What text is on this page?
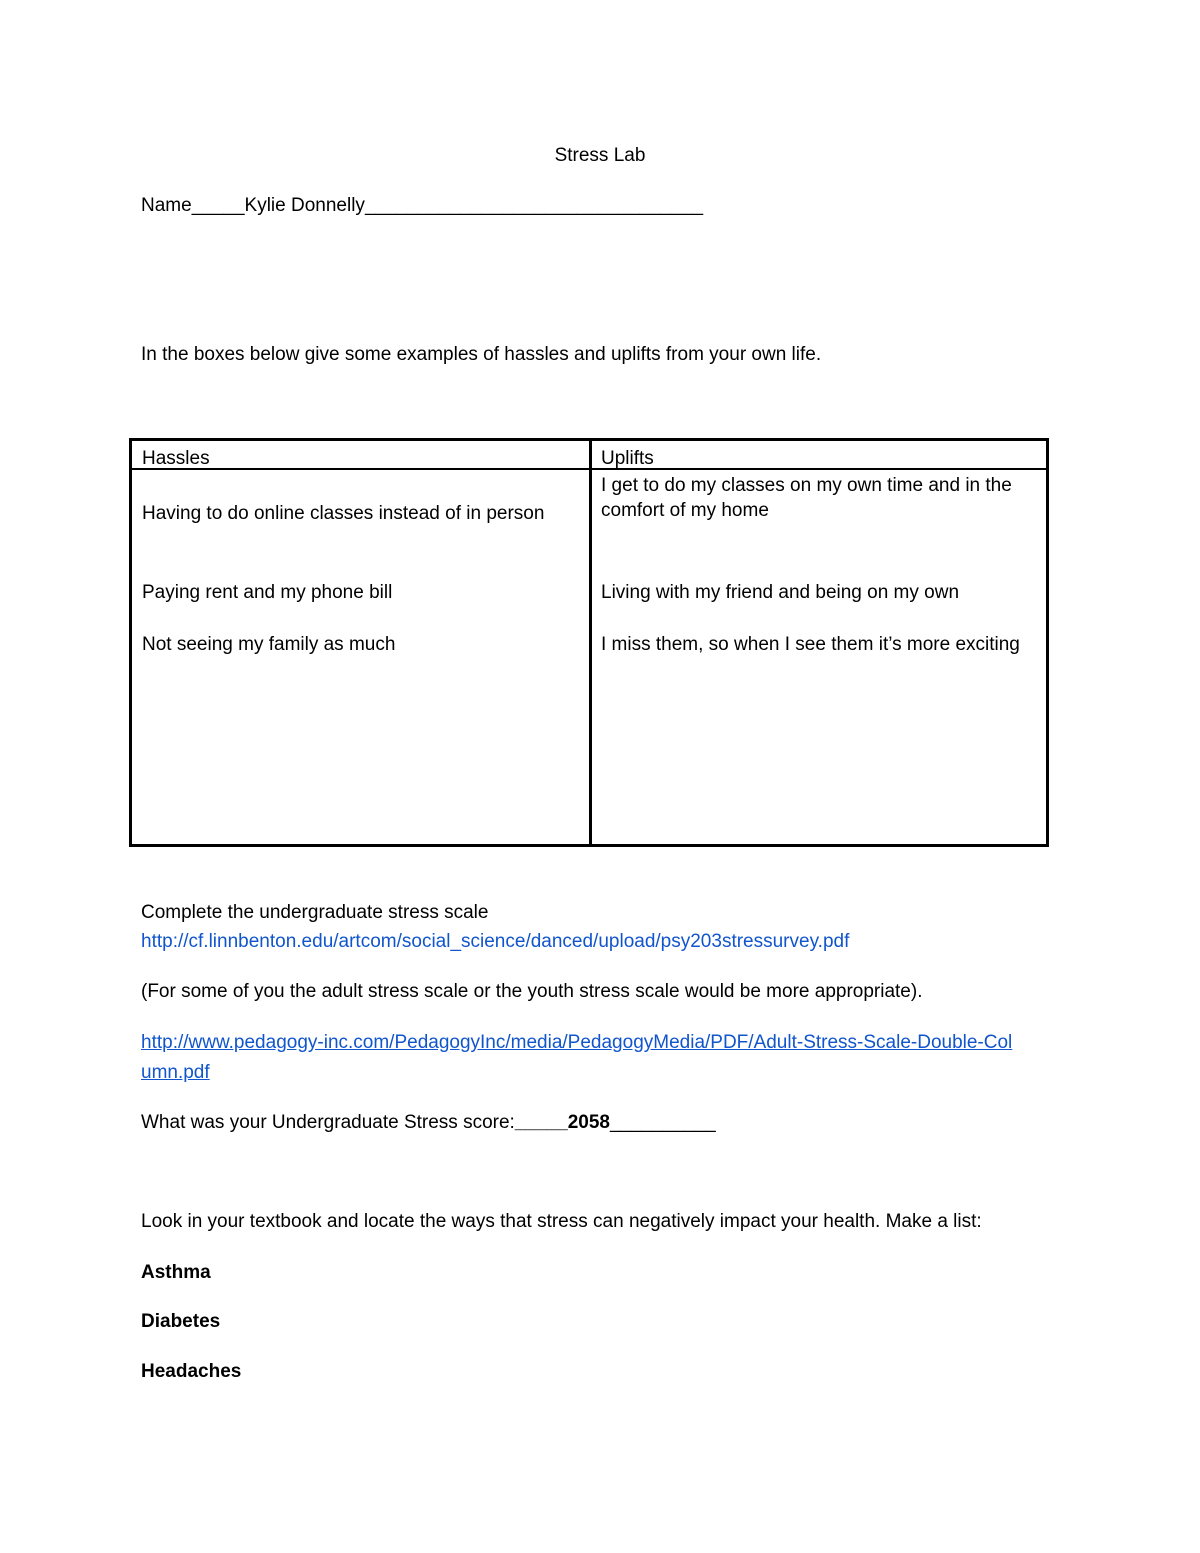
Stress Lab
Name_____Kylie Donnelly________________________________
In the boxes below give some examples of hassles and uplifts from your own life.
Hassles	Uplifts
Having to do online classes instead of in person
Paying rent and my phone bill
Not seeing my family as much
I get to do my classes on my own time and in the comfort of my home
Living with my friend and being on my own
I miss them, so when I see them it’s more exciting
Complete the undergraduate stress scale
http://cf.linnbenton.edu/artcom/social_science/danced/upload/psy203stressurvey.pdf
(For some of you the adult stress scale or the youth stress scale would be more appropriate).
http://www.pedagogy-inc.com/PedagogyInc/media/PedagogyMedia/PDF/Adult-Stress-Scale-Double-Col
umn.pdf
What was your Undergraduate Stress score:_____2058__________
Look in your textbook and locate the ways that stress can negatively impact your health. Make a list:
Asthma
Diabetes
Headaches
